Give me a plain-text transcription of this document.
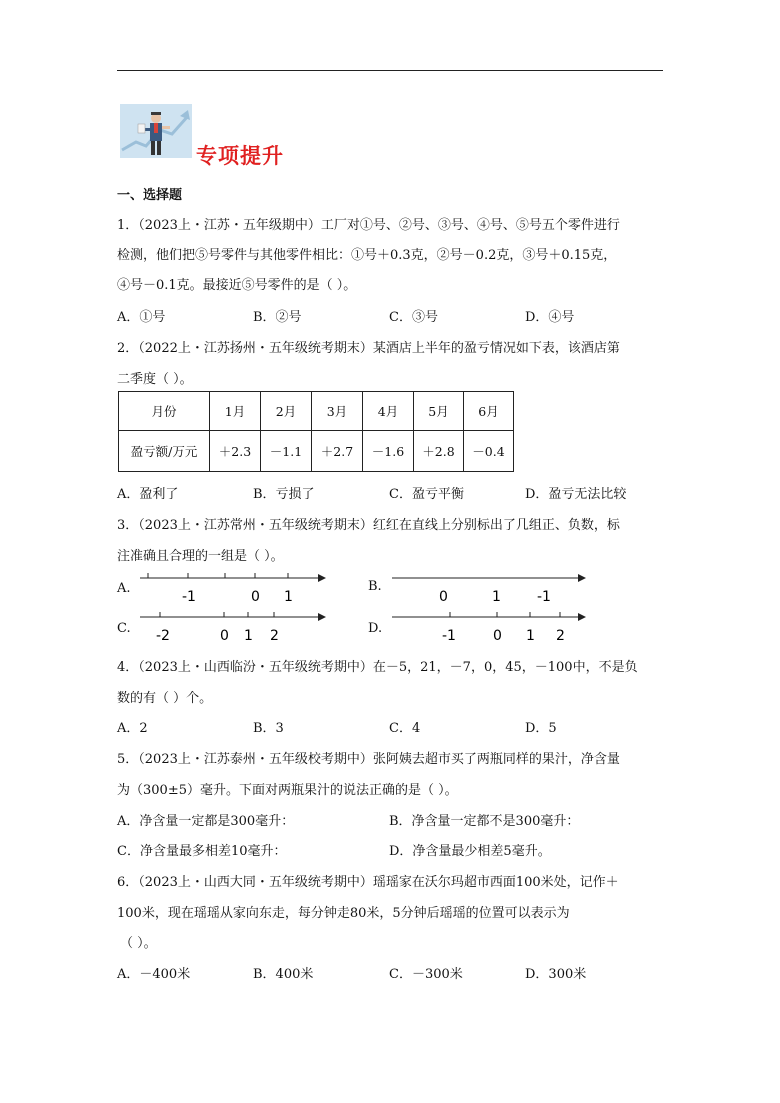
专项提升
一、选择题
1．（2023上・江苏・五年级期中）工厂对①号、②号、③号、④号、⑤号五个零件进行
检测，他们把⑤号零件与其他零件相比：①号＋0.3克，②号－0.2克，③号＋0.15克，
④号－0.1克。最接近⑤号零件的是（ ）。
A．①号	B．②号	C．③号	D．④号
2．（2022上・江苏扬州・五年级统考期末）某酒店上半年的盈亏情况如下表，该酒店第
二季度（ ）。
月份	1月	2月	3月	4月	5月	6月
盈亏额/万元	＋2.3	－1.1	＋2.7	－1.6	＋2.8	－0.4
A．盈利了	B．亏损了	C．盈亏平衡	D．盈亏无法比较
3．（2023上・江苏常州・五年级统考期末）红红在直线上分别标出了几组正、负数，标
注准确且合理的一组是（ ）。
A.
-1	0 1
B.
0	1	-1
C. -2	0 1 2	D.	-1	0 1 2
4．（2023上・山西临汾・五年级统考期中）在－5，21，－7，0，45，－100中，不是负
数的有（ ）个。
A．2	B．3	C．4	D．5
5．（2023上・江苏泰州・五年级校考期中）张阿姨去超市买了两瓶同样的果汁，净含量
为（300±5）毫升。下面对两瓶果汁的说法正确的是（ ）。
A．净含量一定都是300毫升：	B．净含量一定都不是300毫升：
C．净含量最多相差10毫升：	D．净含量最少相差5毫升。
6．（2023上・山西大同・五年级统考期中）瑶瑶家在沃尔玛超市西面100米处，记作＋
100米，现在瑶瑶从家向东走，每分钟走80米，5分钟后瑶瑶的位置可以表示为
（ ）。
A．－400米	B．400米	C．－300米	D．300米
